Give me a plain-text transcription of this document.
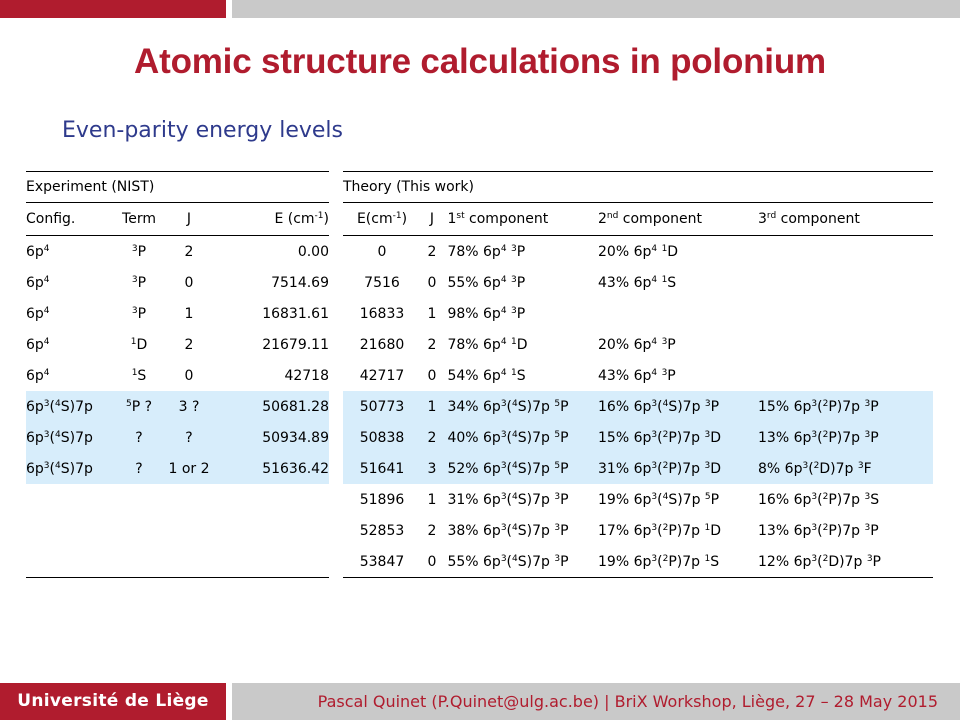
Atomic structure calculations in polonium
Even-parity energy levels
Experiment (NIST)			
Config.	Term	J	E $(cm^{-1})$
$6p^4$	$^3$P	2	0.00
$6p^4$	$^3$P	0	7514.69
$6p^4$	$^3$P	1	16831.61
$6p^4$	$^1$D	2	21679.11
$6p^4$	$^1$S	0	42718
$6p^3(^4S)7p$	$^5$P ?	3 ?	50681.28
$6p^3(^4S)7p$	?	?	50934.89
$6p^3(^4S)7p$	?	1 or 2	51636.42

Theory (This work)				
$E(cm^{-1})$	J	1st component	2nd component	3rd component
0	2	78% $6p^4$ $^3$P	20% $6p^4$ $^1$D	
7516	0	55% $6p^4$ $^3$P	43% $6p^4$ $^1$S	
16833	1	98% $6p^4$ $^3$P		
21680	2	78% $6p^4$ $^1$D	20% $6p^4$ $^3$P	
42717	0	54% $6p^4$ $^1$S	43% $6p^4$ $^3$P	
50773	1	34% $6p^3(^4S)7p$ $^5$P	16% $6p^3(^4S)7p$ $^3$P	15% $6p^3(^2P)7p$ $^3$P
50838	2	40% $6p^3(^4S)7p$ $^5$P	15% $6p^3(^2P)7p$ $^3$D	13% $6p^3(^2P)7p$ $^3$P
51641	3	52% $6p^3(^4S)7p$ $^5$P	31% $6p^3(^2P)7p$ $^3$D	8% $6p^3(^2D)7p$ $^3$F
51896	1	31% $6p^3(^4S)7p$ $^3$P	19% $6p^3(^4S)7p$ $^5$P	16% $6p^3(^2P)7p$ $^3$S
52853	2	38% $6p^3(^4S)7p$ $^3$P	17% $6p^3(^2P)7p$ $^1$D	13% $6p^3(^2P)7p$ $^3$P
53847	0	55% $6p^3(^4S)7p$ $^3$P	19% $6p^3(^2P)7p$ $^1$S	12% $6p^3(^2D)7p$ $^3$P
Université de Liège	Pascal Quinet (P.Quinet@ulg.ac.be) | BriX Workshop, Liège, 27 – 28 May 2015
